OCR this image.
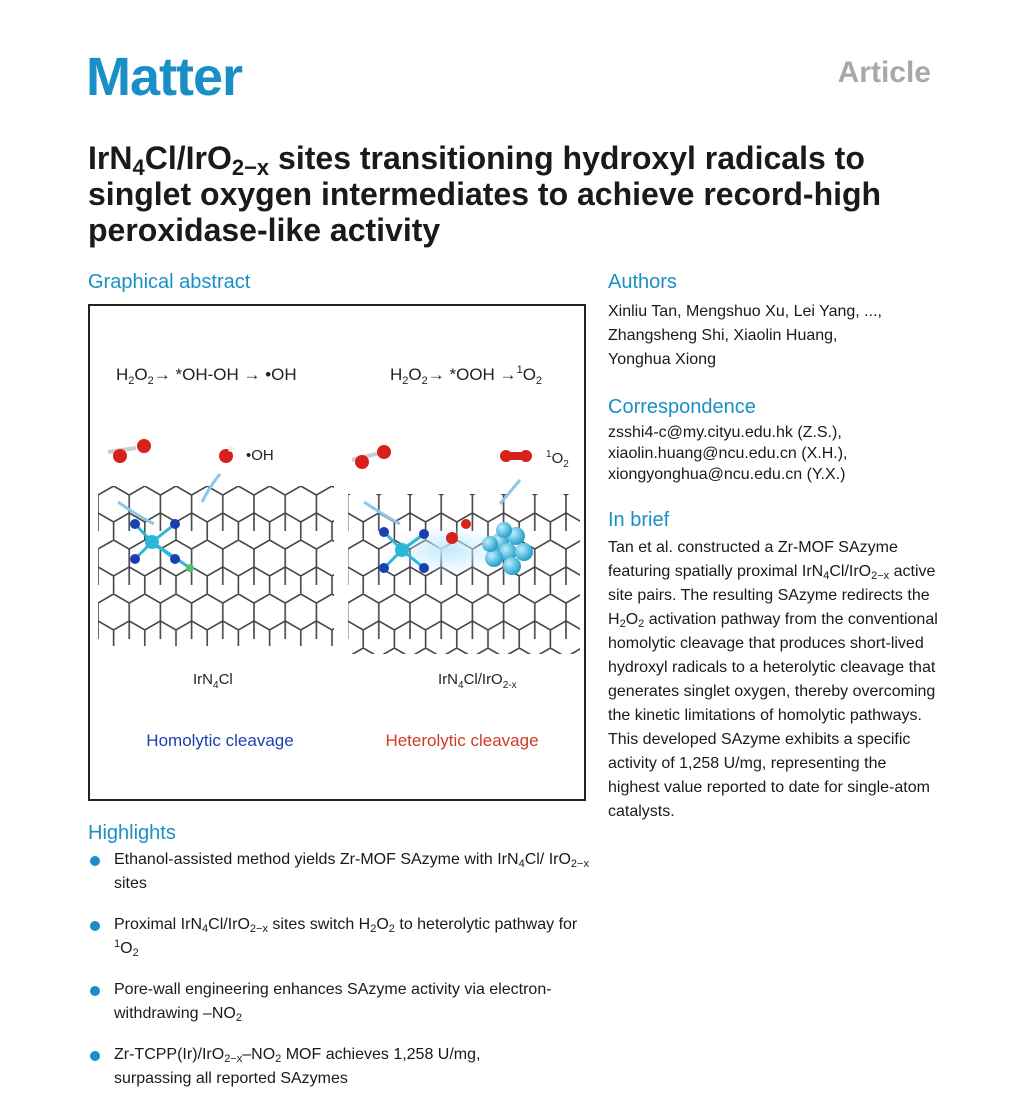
Matter	Article
IrN$_4$Cl/IrO$_{2-x}$ sites transitioning hydroxyl radicals to singlet oxygen intermediates to achieve record-high peroxidase-like activity
Graphical abstract
$H_2O_2\to *OH-OH$ → •OH	$H_2O_2\to *OOH \to^1O_2$
•OH	$^1O_2$
IrN$_4$Cl	IrN$_4$Cl/IrO$_{2-x}$
Homolytic cleavage	Heterolytic cleavage
Highlights

Ethanol-assisted method yields Zr-MOF SAzyme with IrN$_4$Cl/ IrO$_{2-x}$ sites

Proximal IrN$_4$Cl/IrO$_{2-x}$ sites switch $H_2O_2$ to heterolytic pathway for $^1O_2$

Pore-wall engineering enhances SAzyme activity via electron-withdrawing $-NO_2$

$Zr-TCPP(Ir)/IrO_{2-x}-NO_2$ MOF achieves 1,258 U/mg, surpassing all reported SAzymes

Authors
Xinliu Tan, Mengshuo Xu, Lei Yang, ...,
Zhangsheng Shi, Xiaolin Huang,
Yonghua Xiong
Correspondence
zsshi4-c@my.cityu.edu.hk (Z.S.),
xiaolin.huang@ncu.edu.cn (X.H.),
xiongyonghua@ncu.edu.cn (Y.X.)
In brief

Tan et al. constructed a Zr-MOF SAzyme featuring spatially proximal IrN$_4$Cl/IrO$_{2-x}$ active site pairs. The resulting SAzyme redirects the $H_2O_2$ activation pathway from the conventional homolytic cleavage that produces short-lived hydroxyl radicals to a heterolytic cleavage that generates singlet oxygen, thereby overcoming the kinetic limitations of homolytic pathways. This developed SAzyme exhibits a specific activity of 1,258 U/mg, representing the highest value reported to date for single-atom catalysts.
